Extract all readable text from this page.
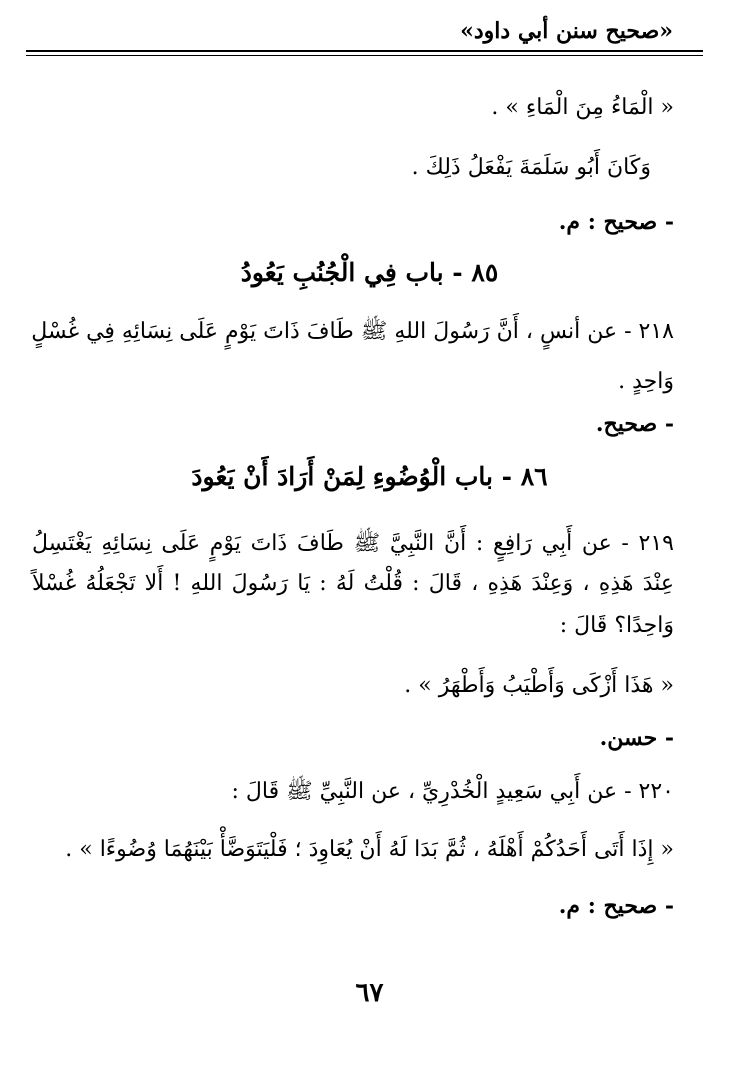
«صحيح سنن أبي داود»
« الْمَاءُ مِنَ الْمَاءِ » .
وَكَانَ أَبُو سَلَمَةَ يَفْعَلُ ذَلِكَ .
- صحيح : م.
٨٥ - باب فِي الْجُنُبِ يَعُودُ
٢١٨ - عن أنسٍ ، أَنَّ رَسُولَ اللهِ ﷺ طَافَ ذَاتَ يَوْمٍ عَلَى نِسَائِهِ فِي غُسْلٍ
وَاحِدٍ .
- صحيح.
٨٦ - باب الْوُضُوءِ لِمَنْ أَرَادَ أَنْ يَعُودَ
٢١٩ - عن أَبِي رَافِعٍ : أَنَّ النَّبِيَّ ﷺ طَافَ ذَاتَ يَوْمٍ عَلَى نِسَائِهِ يَغْتَسِلُ
عِنْدَ هَذِهِ ، وَعِنْدَ هَذِهِ ، قَالَ : قُلْتُ لَهُ : يَا رَسُولَ اللهِ ! أَلا تَجْعَلُهُ غُسْلاً
وَاحِدًا؟ قَالَ :
« هَذَا أَزْكَى وَأَطْيَبُ وَأَطْهَرُ » .
- حسن.
٢٢٠ - عن أَبِي سَعِيدٍ الْخُدْرِيِّ ، عن النَّبِيِّ ﷺ قَالَ :
« إِذَا أَتَى أَحَدُكُمْ أَهْلَهُ ، ثُمَّ بَدَا لَهُ أَنْ يُعَاوِدَ ؛ فَلْيَتَوَضَّأْ بَيْنَهُمَا وُضُوءًا » .
- صحيح : م.
٦٧
